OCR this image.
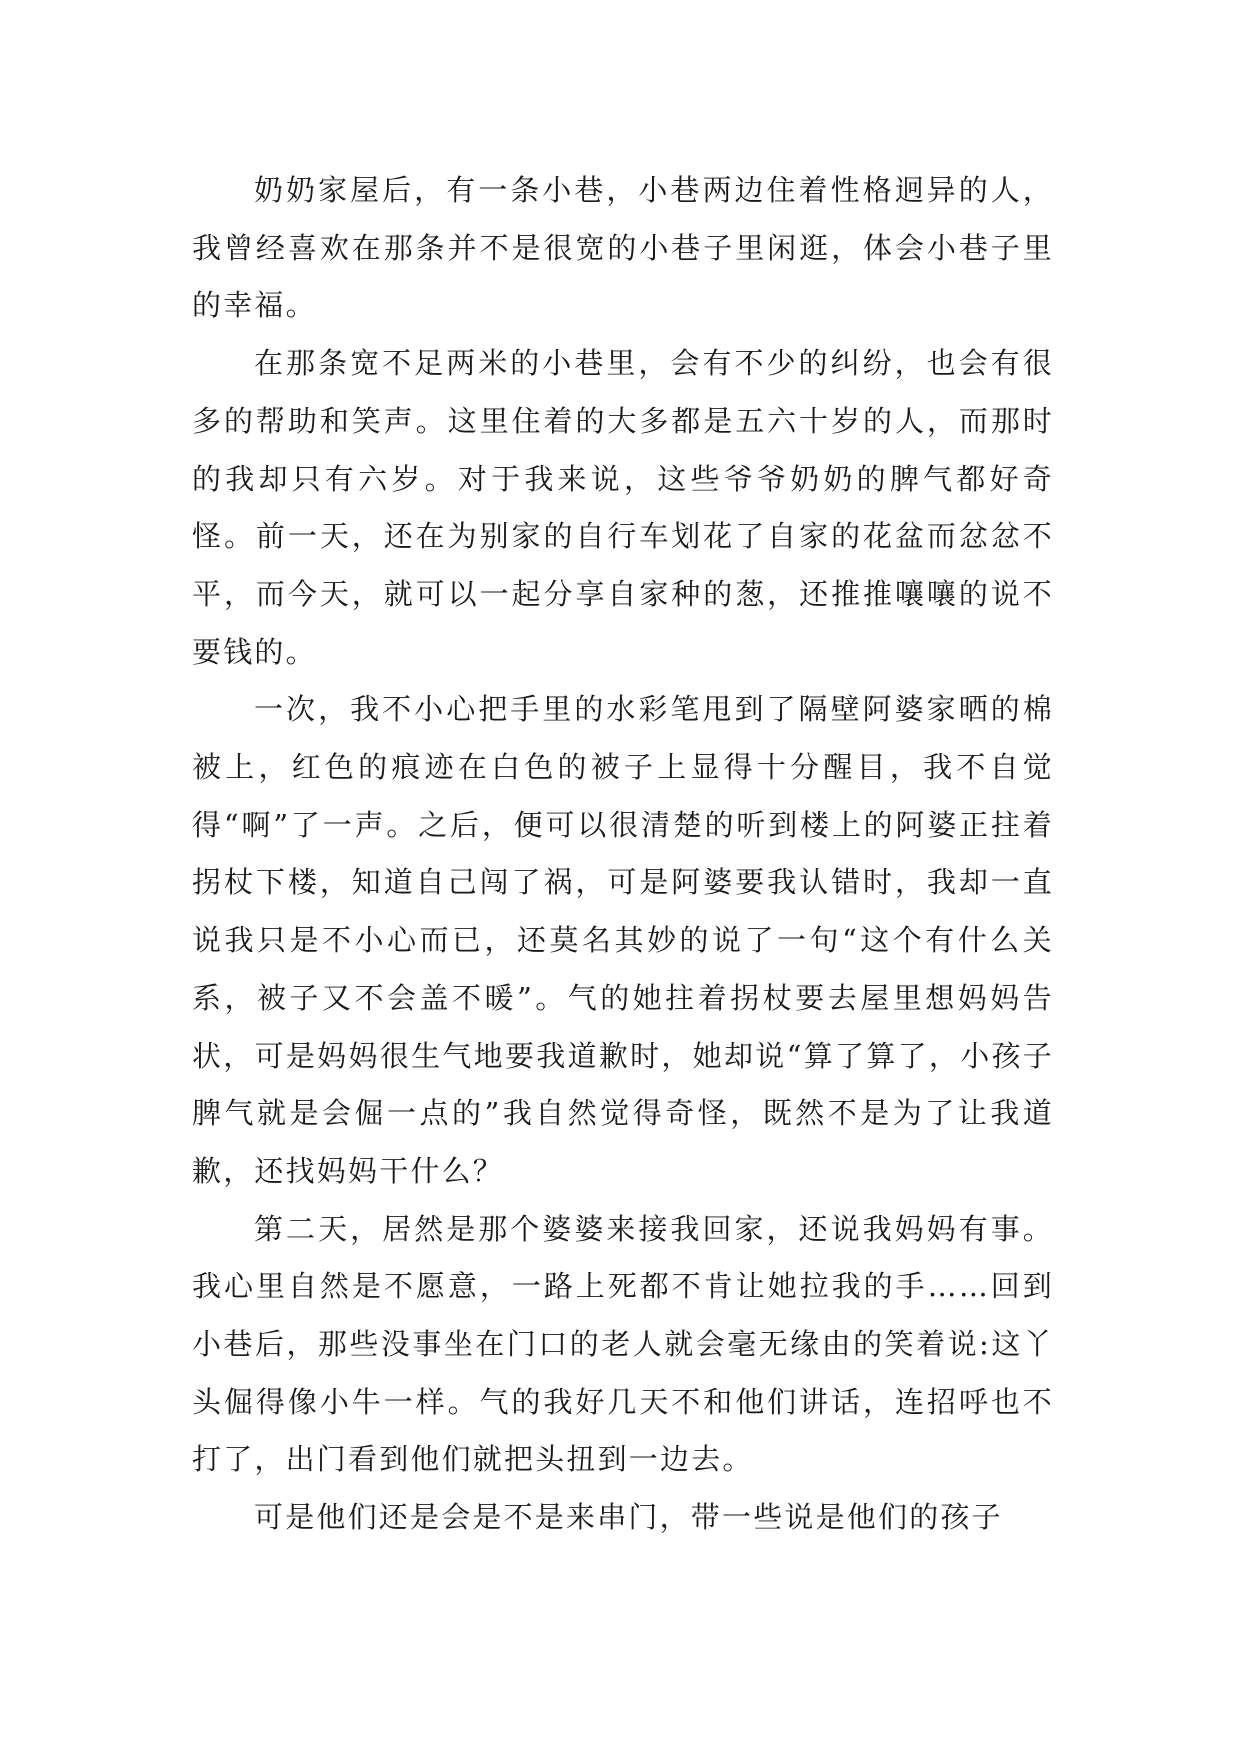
奶奶家屋后，有一条小巷，小巷两边住着性格迥异的人，我曾经喜欢在那条并不是很宽的小巷子里闲逛，体会小巷子里的幸福。

在那条宽不足两米的小巷里，会有不少的纠纷，也会有很多的帮助和笑声。这里住着的大多都是五六十岁的人，而那时的我却只有六岁。对于我来说，这些爷爷奶奶的脾气都好奇怪。前一天，还在为别家的自行车划花了自家的花盆而忿忿不平，而今天，就可以一起分享自家种的葱，还推推嚷嚷的说不要钱的。

一次，我不小心把手里的水彩笔甩到了隔壁阿婆家晒的棉被上，红色的痕迹在白色的被子上显得十分醒目，我不自觉得“啊”了一声。之后，便可以很清楚的听到楼上的阿婆正拄着拐杖下楼，知道自己闯了祸，可是阿婆要我认错时，我却一直说我只是不小心而已，还莫名其妙的说了一句“这个有什么关系，被子又不会盖不暖”。气的她拄着拐杖要去屋里想妈妈告状，可是妈妈很生气地要我道歉时，她却说“算了算了，小孩子脾气就是会倔一点的”我自然觉得奇怪，既然不是为了让我道歉，还找妈妈干什么？

第二天，居然是那个婆婆来接我回家，还说我妈妈有事。我心里自然是不愿意，一路上死都不肯让她拉我的手……回到小巷后，那些没事坐在门口的老人就会毫无缘由的笑着说:这丫头倔得像小牛一样。气的我好几天不和他们讲话，连招呼也不打了，出门看到他们就把头扭到一边去。

可是他们还是会是不是来串门，带一些说是他们的孩子
